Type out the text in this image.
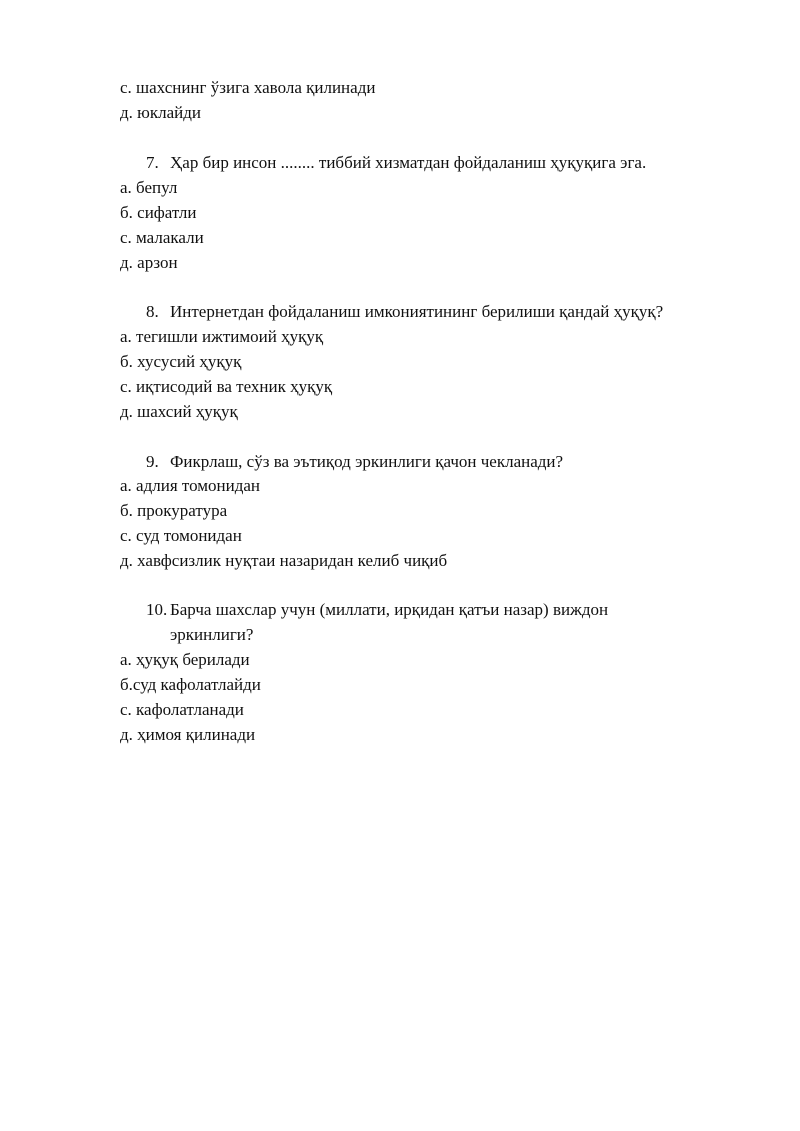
с. шахснинг ўзига хавола қилинади
д. юклайди
7. Ҳар бир инсон ........ тиббий хизматдан фойдаланиш ҳуқуқига эга.
а. бепул
б. сифатли
с. малакали
д. арзон
8. Интернетдан фойдаланиш имкониятининг берилиши қандай ҳуқуқ?
а. тегишли ижтимоий ҳуқуқ
б. хусусий ҳуқуқ
с. иқтисодий ва техник ҳуқуқ
д. шахсий ҳуқуқ
9. Фикрлаш, сўз ва эътиқод эркинлиги қачон чекланади?
а. адлия томонидан
б. прокуратура
с. суд томонидан
д. хавфсизлик нуқтаи назаридан келиб чиқиб
10. Барча шахслар учун (миллати, ирқидан қатъи назар) виждон
эркинлиги?
а. ҳуқуқ берилади
б.суд кафолатлайди
с. кафолатланади
д. ҳимоя қилинади
